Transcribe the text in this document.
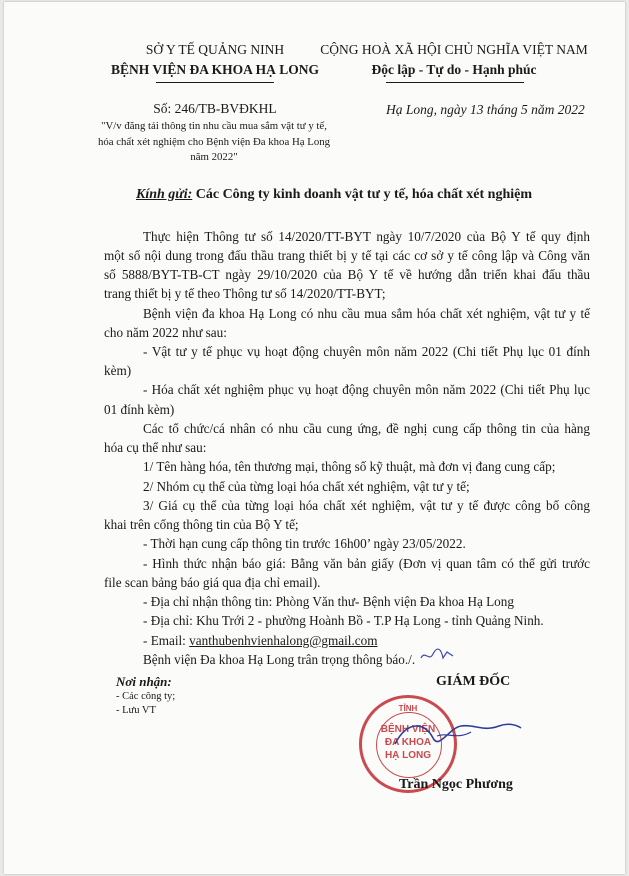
SỞ Y TẾ QUẢNG NINH
BỆNH VIỆN ĐA KHOA HẠ LONG
Số: 246/TB-BVĐKHL
"V/v đăng tải thông tin nhu cầu mua sắm vật tư y tế, hóa chất xét nghiệm cho Bệnh viện Đa khoa Hạ Long năm 2022"
CỘNG HOÀ XÃ HỘI CHỦ NGHĨA VIỆT NAM
Độc lập - Tự do - Hạnh phúc
Hạ Long, ngày 13 tháng 5 năm 2022
Kính gửi: Các Công ty kinh doanh vật tư y tế, hóa chất xét nghiệm
Thực hiện Thông tư số 14/2020/TT-BYT ngày 10/7/2020 của Bộ Y tế quy định
một số nội dung trong đấu thầu trang thiết bị y tế tại các cơ sở y tế công lập và Công văn
số 5888/BYT-TB-CT ngày 29/10/2020 của Bộ Y tế về hướng dẫn triển khai đấu thầu
trang thiết bị y tế theo Thông tư số 14/2020/TT-BYT;
Bệnh viện đa khoa Hạ Long có nhu cầu mua sắm hóa chất xét nghiệm, vật tư y tế
cho năm 2022 như sau:
- Vật tư y tế phục vụ hoạt động chuyên môn năm 2022 (Chi tiết Phụ lục 01 đính
kèm)
- Hóa chất xét nghiệm phục vụ hoạt động chuyên môn năm 2022 (Chi tiết Phụ lục
01 đính kèm)
Các tổ chức/cá nhân có nhu cầu cung ứng, đề nghị cung cấp thông tin của hàng
hóa cụ thể như sau:
1/ Tên hàng hóa, tên thương mại, thông số kỹ thuật, mà đơn vị đang cung cấp;
2/ Nhóm cụ thể của từng loại hóa chất xét nghiệm, vật tư y tế;
3/ Giá cụ thể của từng loại hóa chất xét nghiệm, vật tư y tế được công bố công
khai trên cổng thông tin của Bộ Y tế;
- Thời hạn cung cấp thông tin trước 16h00’ ngày 23/05/2022.
- Hình thức nhận báo giá: Bằng văn bản giấy (Đơn vị quan tâm có thể gửi trước
file scan bảng báo giá qua địa chỉ email).
- Địa chỉ nhận thông tin: Phòng Văn thư- Bệnh viện Đa khoa Hạ Long
- Địa chỉ: Khu Trới 2 - phường Hoành Bồ - T.P Hạ Long - tỉnh Quảng Ninh.
- Email: vanthubenhvienhalong@gmail.com
Bệnh viện Đa khoa Hạ Long trân trọng thông báo./.
Nơi nhận:
- Các công ty;
- Lưu VT
GIÁM ĐỐC
TỈNH
BỆNH VIỆN
ĐA KHOA
HẠ LONG
Trần Ngọc Phương
